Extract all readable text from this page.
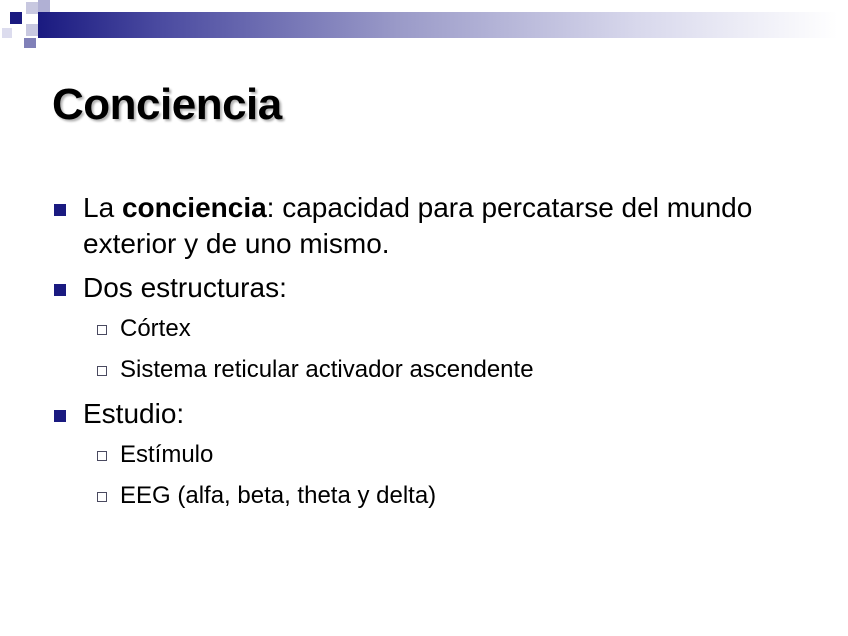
Conciencia
La conciencia: capacidad para percatarse del mundo exterior y de uno mismo.
Dos estructuras:
Córtex
Sistema reticular activador ascendente
Estudio:
Estímulo
EEG (alfa, beta, theta y delta)
